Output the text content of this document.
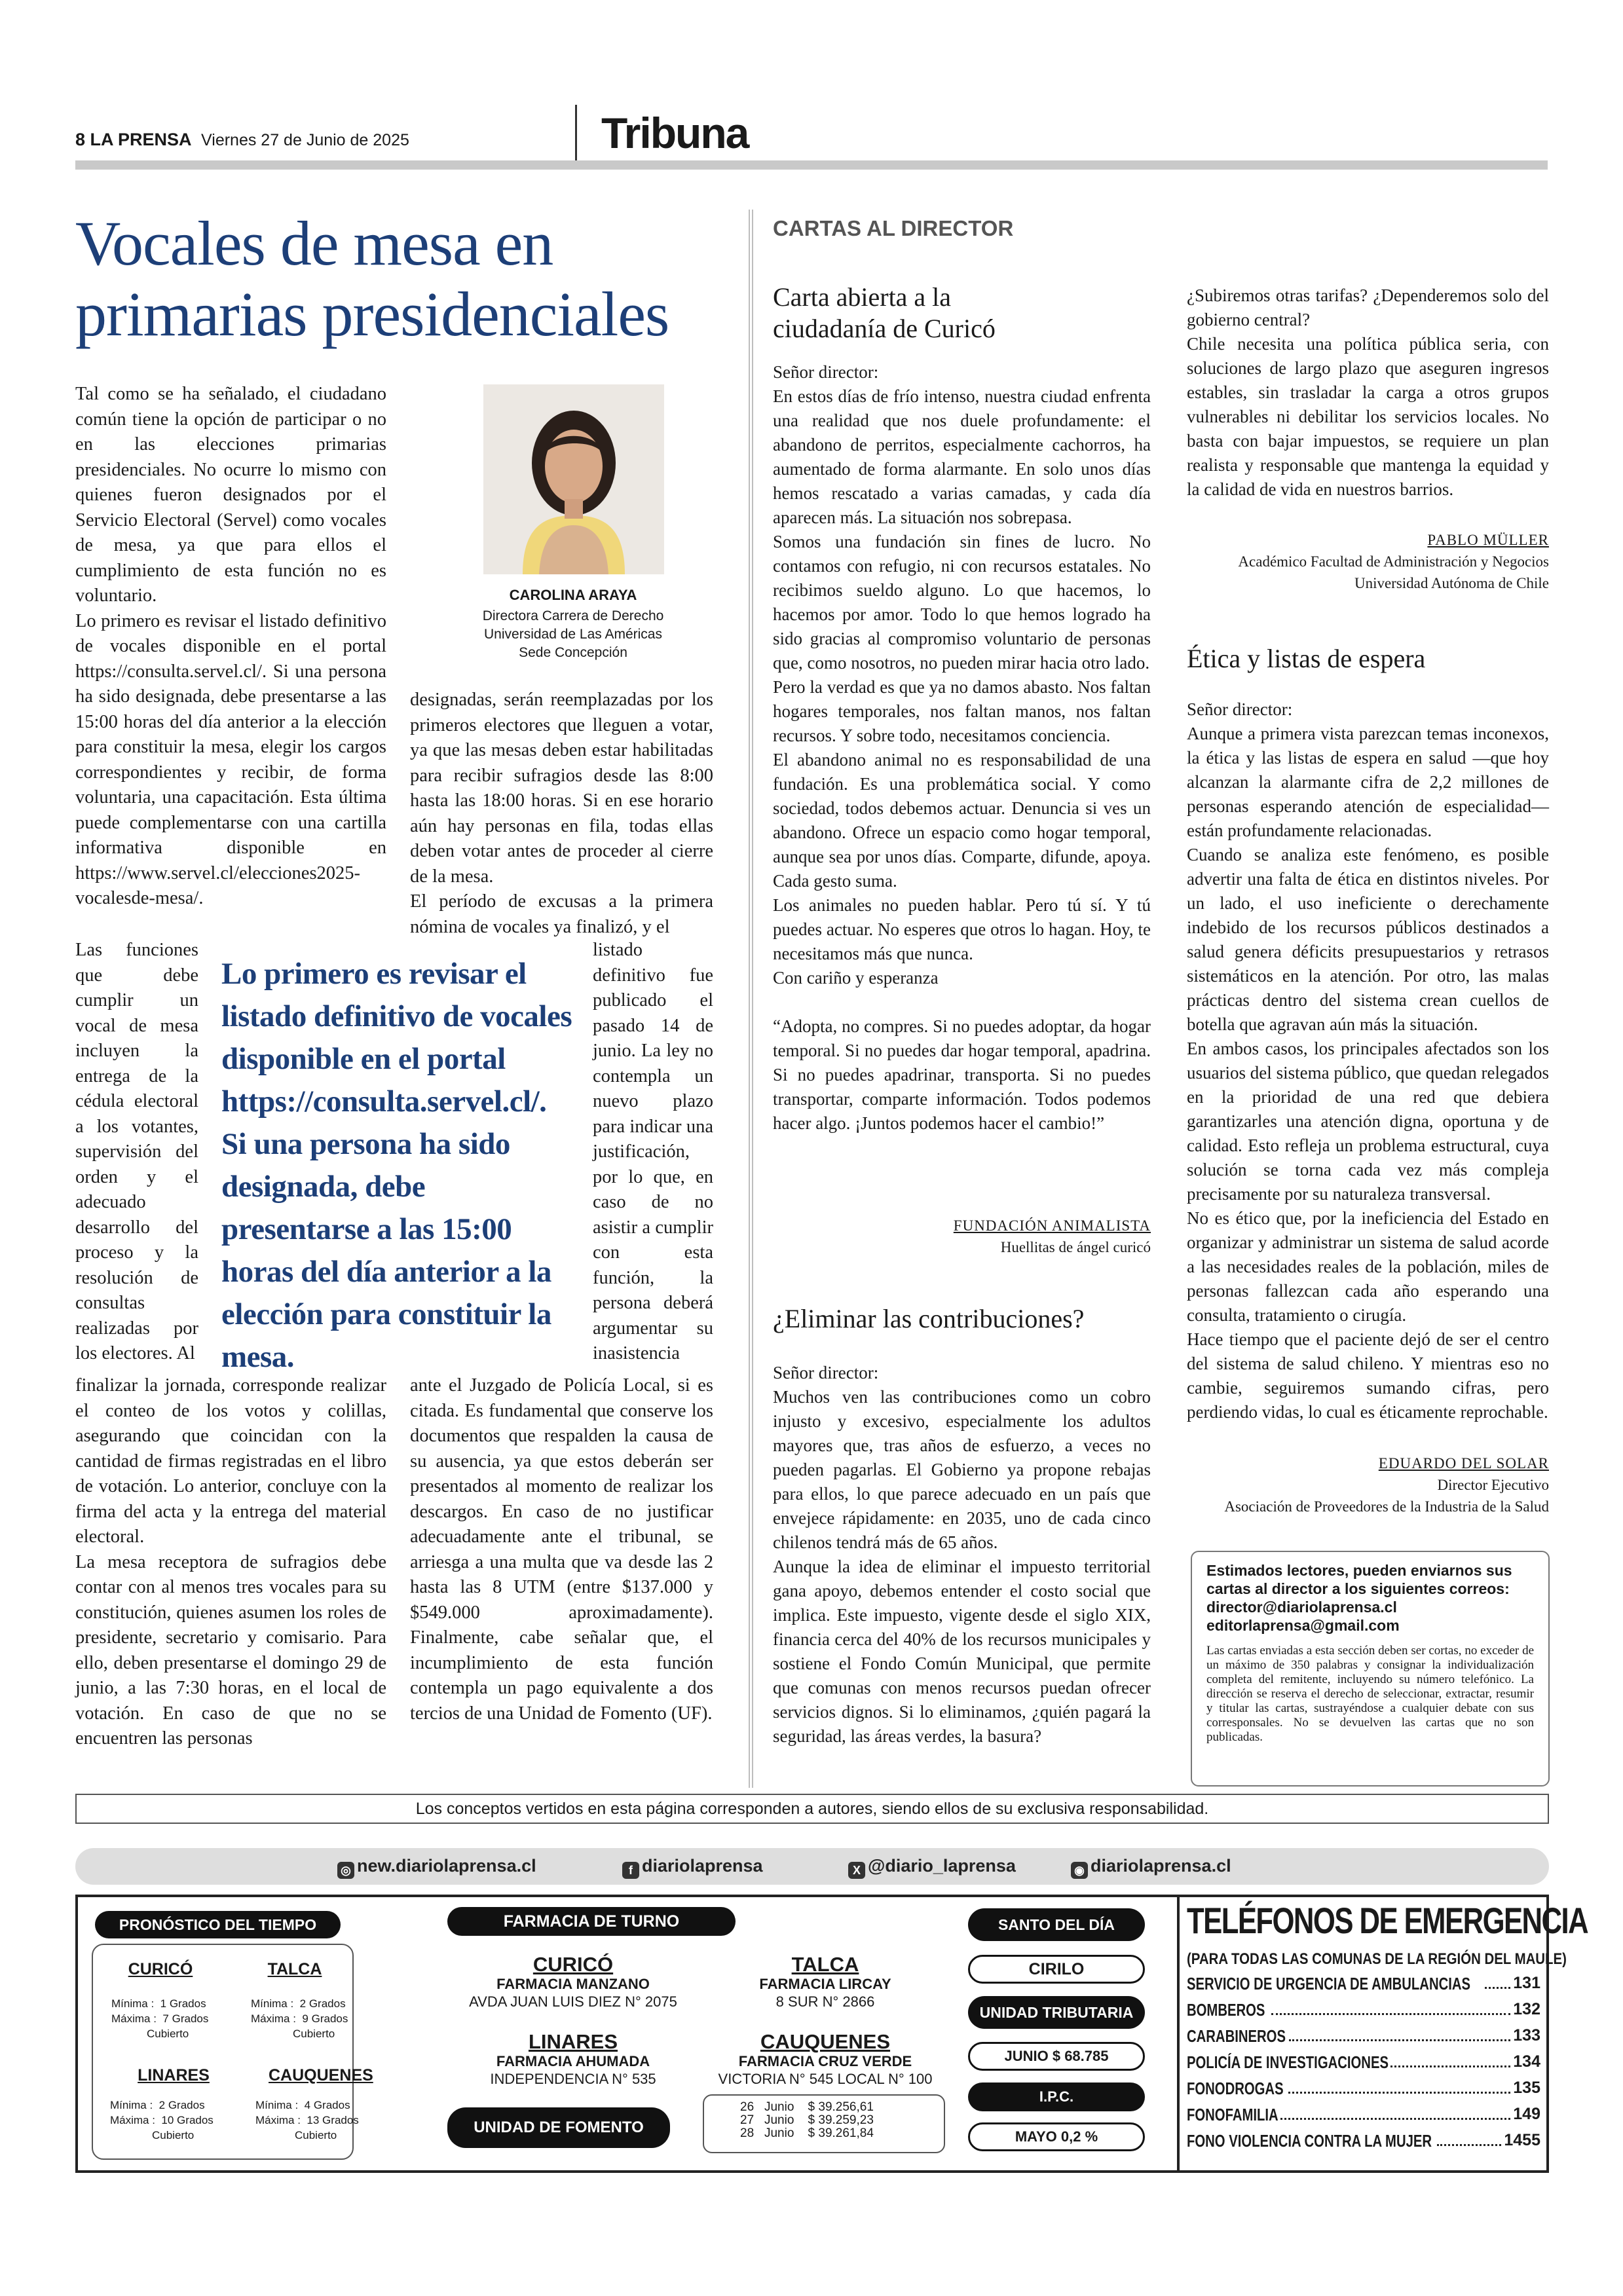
8 LA PRENSA Viernes 27 de Junio de 2025	Tribuna
Vocales de mesa en
primarias presidenciales
CAROLINA ARAYA
Directora Carrera de Derecho
Universidad de Las Américas
Sede Concepción

Tal como se ha señalado, el ciudadano común tiene la opción de participar o no en las elecciones primarias presidenciales. No ocurre lo mismo con quienes fueron designados por el Servicio Electoral (Servel) como vocales de mesa, ya que para ellos el cumplimiento de esta función no es voluntario.

Lo primero es revisar el listado definitivo de vocales disponible en el portal https://consulta.servel.cl/. Si una persona ha sido designada, debe presentarse a las 15:00 horas del día anterior a la elección para constituir la mesa, elegir los cargos correspondientes y recibir, de forma voluntaria, una capacitación. Esta última puede complementarse con una cartilla informativa disponible en https://www.servel.cl/elecciones2025-vocalesde-mesa/.

Las funciones que debe cumplir un vocal de mesa incluyen la entrega de la cédula electoral a los votantes, supervisión del orden y el adecuado desarrollo del proceso y la resolución de consultas realizadas por los electores. Al

finalizar la jornada, corresponde realizar el conteo de los votos y colillas, asegurando que coincidan con la cantidad de firmas registradas en el libro de votación. Lo anterior, concluye con la firma del acta y la entrega del material electoral.

La mesa receptora de sufragios debe contar con al menos tres vocales para su constitución, quienes asumen los roles de presidente, secretario y comisario. Para ello, deben presentarse el domingo 29 de junio, a las 7:30 horas, en el local de votación. En caso de que no se encuentren las personas

designadas, serán reemplazadas por los primeros electores que lleguen a votar, ya que las mesas deben estar habilitadas para recibir sufragios desde las 8:00 hasta las 18:00 horas. Si en ese horario aún hay personas en fila, todas ellas deben votar antes de proceder al cierre de la mesa.

El período de excusas a la primera nómina de vocales ya finalizó, y el

listado definitivo fue publicado el pasado 14 de junio. La ley no contempla un nuevo plazo para indicar una justificación, por lo que, en caso de no asistir a cumplir con esta función, la persona deberá argumentar su inasistencia

ante el Juzgado de Policía Local, si es citada. Es fundamental que conserve los documentos que respalden la causa de su ausencia, ya que estos deberán ser presentados al momento de realizar los descargos. En caso de no justificar adecuadamente ante el tribunal, se arriesga a una multa que va desde las 2 hasta las 8 UTM (entre $137.000 y $549.000 aproximadamente). Finalmente, cabe señalar que, el incumplimiento de esta función contempla un pago equivalente a dos tercios de una Unidad de Fomento (UF).

Lo primero es revisar el listado definitivo de vocales disponible en el portal https://consulta.servel.cl/. Si una persona ha sido designada, debe presentarse a las 15:00 horas del día anterior a la elección para constituir la mesa.
CARTAS AL DIRECTOR
Carta abierta a la ciudadanía de Curicó

Señor director:

En estos días de frío intenso, nuestra ciudad enfrenta una realidad que nos duele profundamente: el abandono de perritos, especialmente cachorros, ha aumentado de forma alarmante. En solo unos días hemos rescatado a varias camadas, y cada día aparecen más. La situación nos sobrepasa.

Somos una fundación sin fines de lucro. No contamos con refugio, ni con recursos estatales. No recibimos sueldo alguno. Lo que hacemos, lo hacemos por amor. Todo lo que hemos logrado ha sido gracias al compromiso voluntario de personas que, como nosotros, no pueden mirar hacia otro lado.

Pero la verdad es que ya no damos abasto. Nos faltan hogares temporales, nos faltan manos, nos faltan recursos. Y sobre todo, necesitamos conciencia.

El abandono animal no es responsabilidad de una fundación. Es una problemática social. Y como sociedad, todos debemos actuar. Denuncia si ves un abandono. Ofrece un espacio como hogar temporal, aunque sea por unos días. Comparte, difunde, apoya. Cada gesto suma.

Los animales no pueden hablar. Pero tú sí. Y tú puedes actuar. No esperes que otros lo hagan. Hoy, te necesitamos más que nunca.

Con cariño y esperanza

“Adopta, no compres. Si no puedes adoptar, da hogar temporal. Si no puedes dar hogar temporal, apadrina. Si no puedes apadrinar, transporta. Si no puedes transportar, comparte información. Todos podemos hacer algo. ¡Juntos podemos hacer el cambio!”

FUNDACIÓN ANIMALISTA
Huellitas de ángel curicó
¿Eliminar las contribuciones?

Señor director:

Muchos ven las contribuciones como un cobro injusto y excesivo, especialmente los adultos mayores que, tras años de esfuerzo, a veces no pueden pagarlas. El Gobierno ya propone rebajas para ellos, lo que parece adecuado en un país que envejece rápidamente: en 2035, uno de cada cinco chilenos tendrá más de 65 años.

Aunque la idea de eliminar el impuesto territorial gana apoyo, debemos entender el costo social que implica. Este impuesto, vigente desde el siglo XIX, financia cerca del 40% de los recursos municipales y sostiene el Fondo Común Municipal, que permite que comunas con menos recursos puedan ofrecer servicios dignos. Si lo eliminamos, ¿quién pagará la seguridad, las áreas verdes, la basura?

¿Subiremos otras tarifas? ¿Dependeremos solo del gobierno central?

Chile necesita una política pública seria, con soluciones de largo plazo que aseguren ingresos estables, sin trasladar la carga a otros grupos vulnerables ni debilitar los servicios locales. No basta con bajar impuestos, se requiere un plan realista y responsable que mantenga la equidad y la calidad de vida en nuestros barrios.

PABLO MÜLLER
Académico Facultad de Administración y Negocios
Universidad Autónoma de Chile
Ética y listas de espera

Señor director:

Aunque a primera vista parezcan temas inconexos, la ética y las listas de espera en salud —que hoy alcanzan la alarmante cifra de 2,2 millones de personas esperando atención de especialidad— están profundamente relacionadas.

Cuando se analiza este fenómeno, es posible advertir una falta de ética en distintos niveles. Por un lado, el uso ineficiente o derechamente indebido de los recursos públicos destinados a salud genera déficits presupuestarios y retrasos sistemáticos en la atención. Por otro, las malas prácticas dentro del sistema crean cuellos de botella que agravan aún más la situación.

En ambos casos, los principales afectados son los usuarios del sistema público, que quedan relegados en la prioridad de una red que debiera garantizarles una atención digna, oportuna y de calidad. Esto refleja un problema estructural, cuya solución se torna cada vez más compleja precisamente por su naturaleza transversal.

No es ético que, por la ineficiencia del Estado en organizar y administrar un sistema de salud acorde a las necesidades reales de la población, miles de personas fallezcan cada año esperando una consulta, tratamiento o cirugía.

Hace tiempo que el paciente dejó de ser el centro del sistema de salud chileno. Y mientras eso no cambie, seguiremos sumando cifras, pero perdiendo vidas, lo cual es éticamente reprochable.

EDUARDO DEL SOLAR
Director Ejecutivo
Asociación de Proveedores de la Industria de la Salud
Estimados lectores, pueden enviarnos sus cartas al director a los siguientes correos:
director@diariolaprensa.cl
editorlaprensa@gmail.com
Las cartas enviadas a esta sección deben ser cortas, no exceder de un máximo de 350 palabras y consignar la individualización completa del remitente, incluyendo su número telefónico. La dirección se reserva el derecho de seleccionar, extractar, resumir y titular las cartas, sustrayéndose a cualquier debate con sus corresponsales. No se devuelven las cartas que no son publicadas.
Los conceptos vertidos en esta página corresponden a autores, siendo ellos de su exclusiva responsabilidad.
◎ new.diariolaprensa.cl	f diariolaprensa	X @diario_laprensa	◉ diariolaprensa.cl
PRONÓSTICO DEL TIEMPO
CURICÓ
Mínima : 1 Grados
Máxima : 7 Grados
Cubierto
TALCA
Mínima : 2 Grados
Máxima : 9 Grados
Cubierto
LINARES
Mínima : 2 Grados
Máxima : 10 Grados
Cubierto
CAUQUENES
Mínima : 4 Grados
Máxima : 13 Grados
Cubierto
FARMACIA DE TURNO
CURICÓ
FARMACIA MANZANO
AVDA JUAN LUIS DIEZ N° 2075
TALCA
FARMACIA LIRCAY
8 SUR N° 2866
LINARES
FARMACIA AHUMADA
INDEPENDENCIA N° 535
CAUQUENES
FARMACIA CRUZ VERDE
VICTORIA N° 545 LOCAL N° 100
UNIDAD DE FOMENTO
26 Junio $ 39.256,61
27 Junio $ 39.259,23
28 Junio $ 39.261,84
SANTO DEL DÍA
CIRILO
UNIDAD TRIBUTARIA
JUNIO $ 68.785
I.P.C.
MAYO 0,2 %
TELÉFONOS DE EMERGENCIA
(PARA TODAS LAS COMUNAS DE LA REGIÓN DEL MAULE)
SERVICIO DE URGENCIA DE AMBULANCIAS	131
BOMBEROS	132
CARABINEROS	133
POLICÍA DE INVESTIGACIONES	134
FONODROGAS	135
FONOFAMILIA	149
FONO VIOLENCIA CONTRA LA MUJER	1455
